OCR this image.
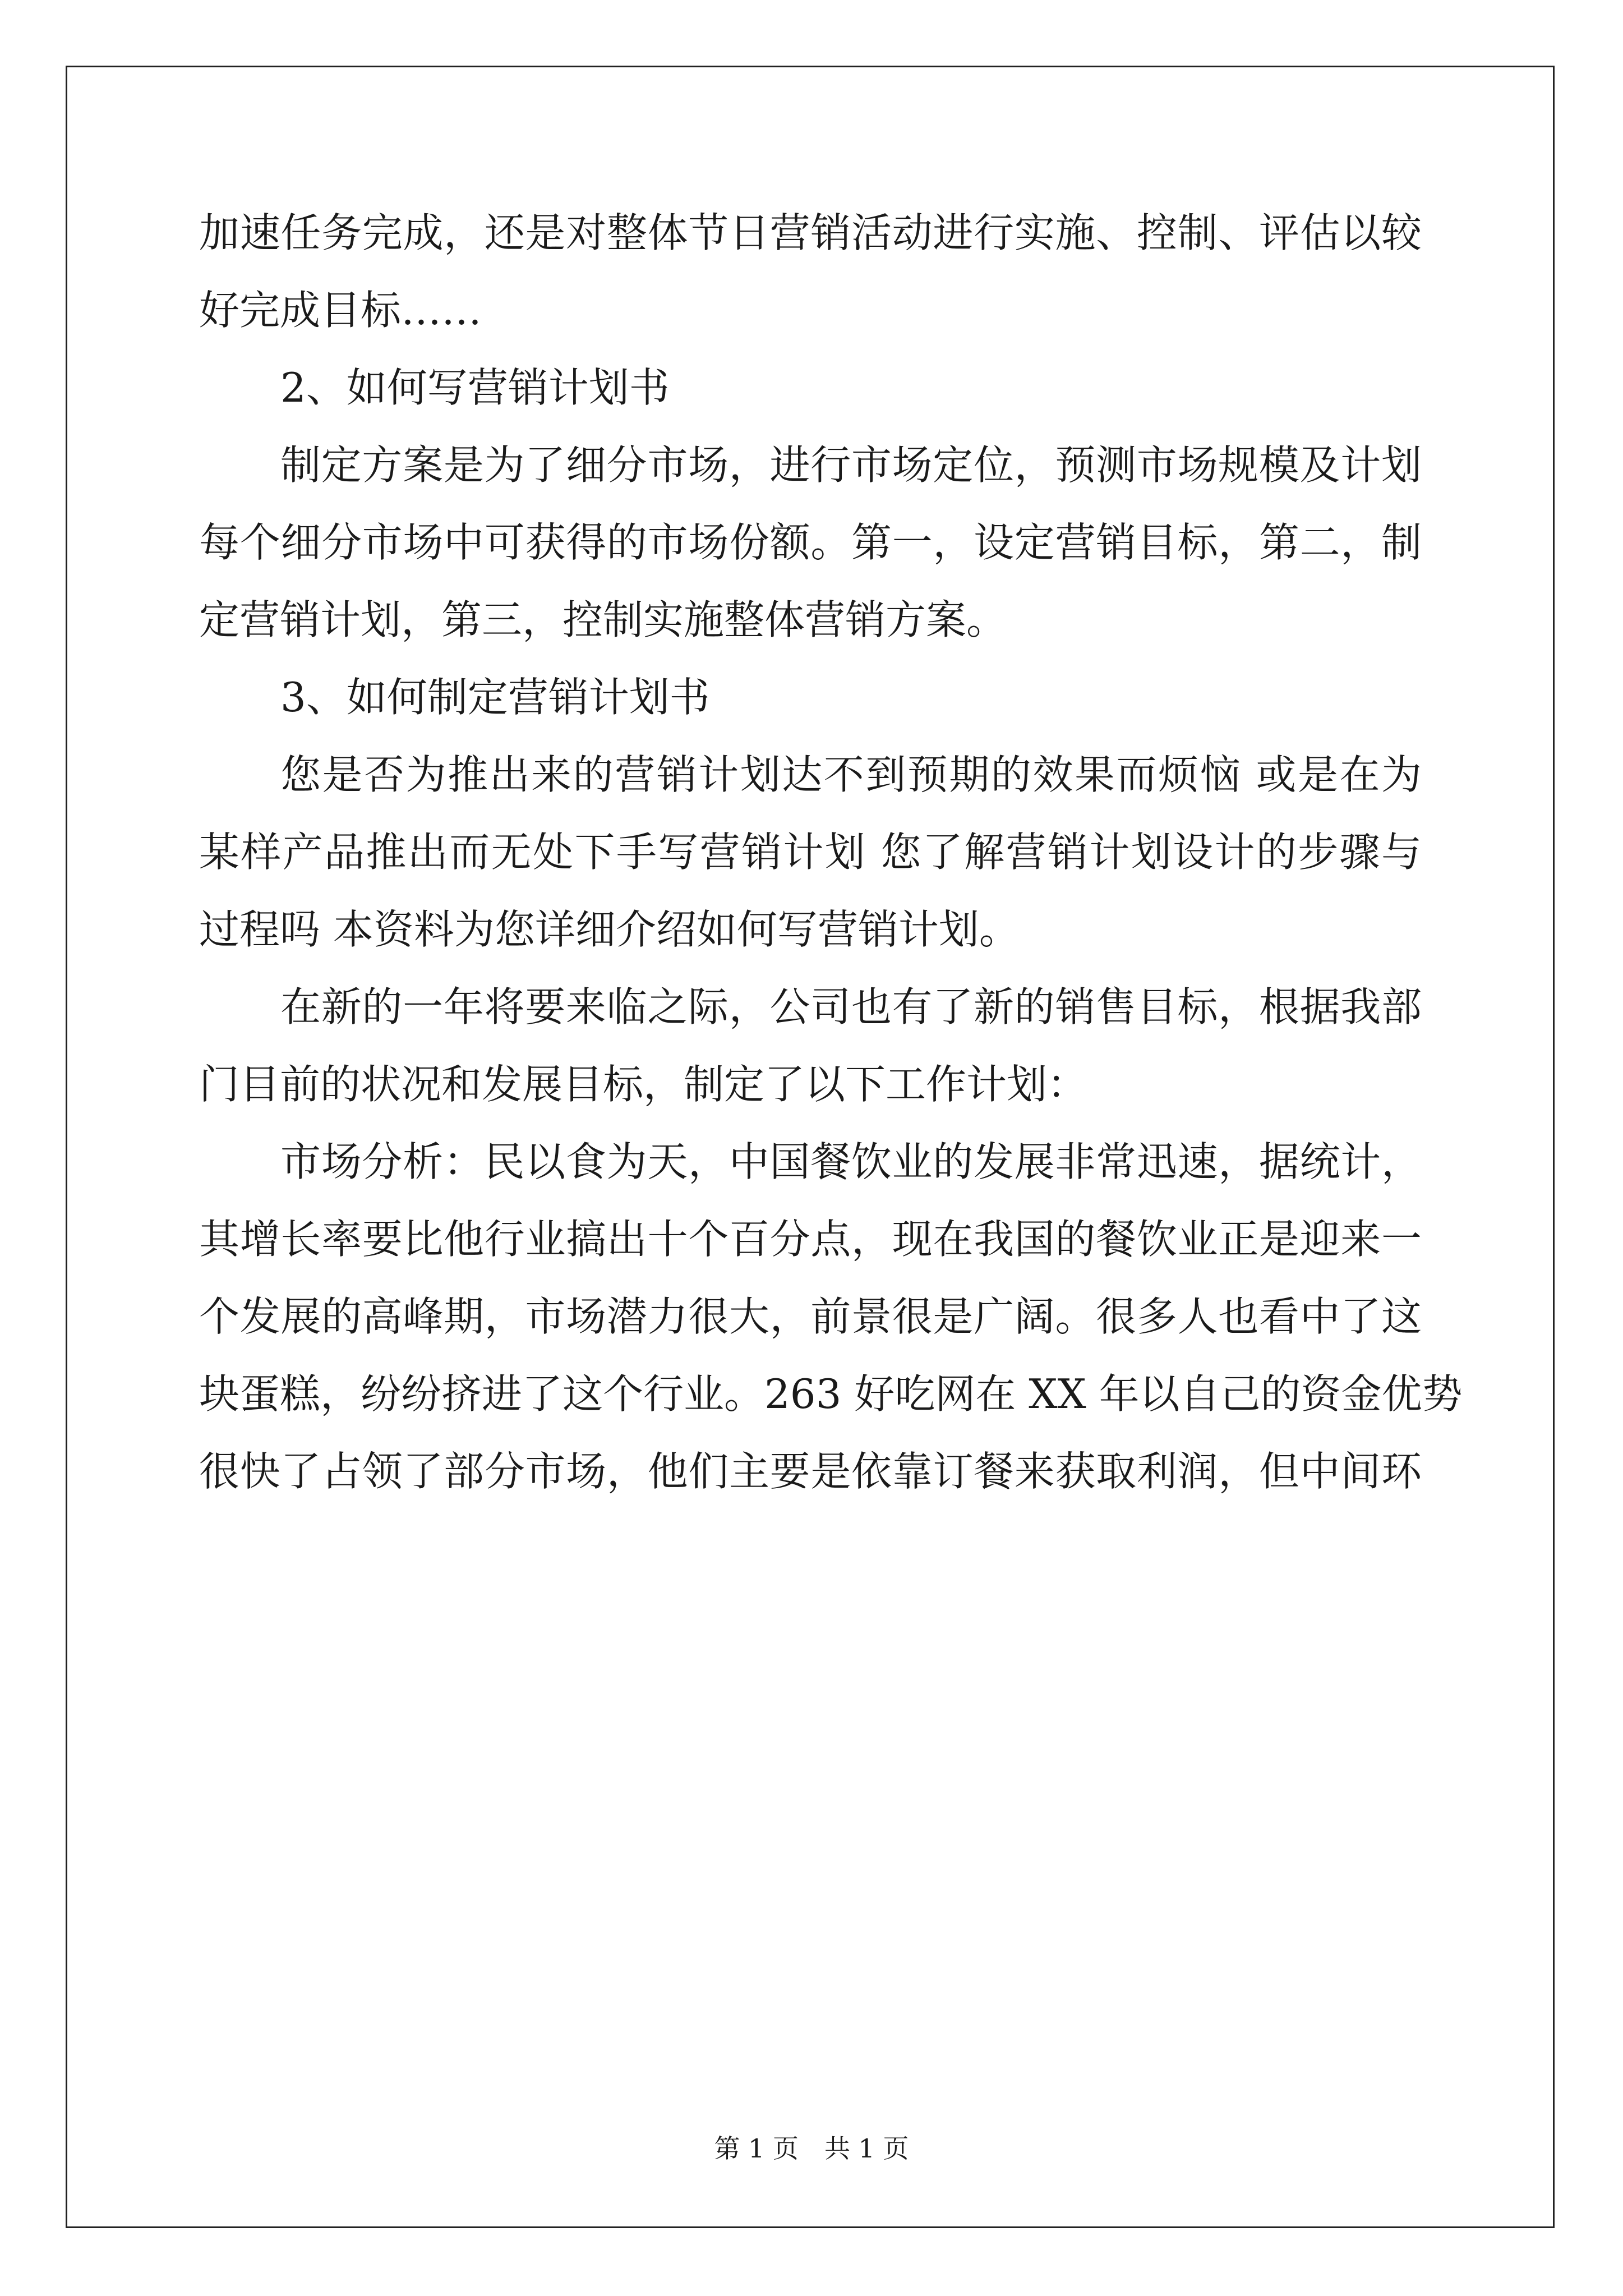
加速任务完成，还是对整体节日营销活动进行实施、控制、评估以较
好完成目标……
2、如何写营销计划书
制定方案是为了细分市场，进行市场定位，预测市场规模及计划
每个细分市场中可获得的市场份额。第一，设定营销目标，第二，制
定营销计划，第三，控制实施整体营销方案。
3、如何制定营销计划书
您是否为推出来的营销计划达不到预期的效果而烦恼 或是在为
某样产品推出而无处下手写营销计划 您了解营销计划设计的步骤与
过程吗 本资料为您详细介绍如何写营销计划。
在新的一年将要来临之际，公司也有了新的销售目标，根据我部
门目前的状况和发展目标，制定了以下工作计划：
市场分析：民以食为天，中国餐饮业的发展非常迅速，据统计，
其增长率要比他行业搞出十个百分点，现在我国的餐饮业正是迎来一
个发展的高峰期，市场潜力很大，前景很是广阔。很多人也看中了这
块蛋糕，纷纷挤进了这个行业。263 好吃网在 XX 年以自己的资金优势
很快了占领了部分市场，他们主要是依靠订餐来获取利润，但中间环
第 1 页　共 1 页
